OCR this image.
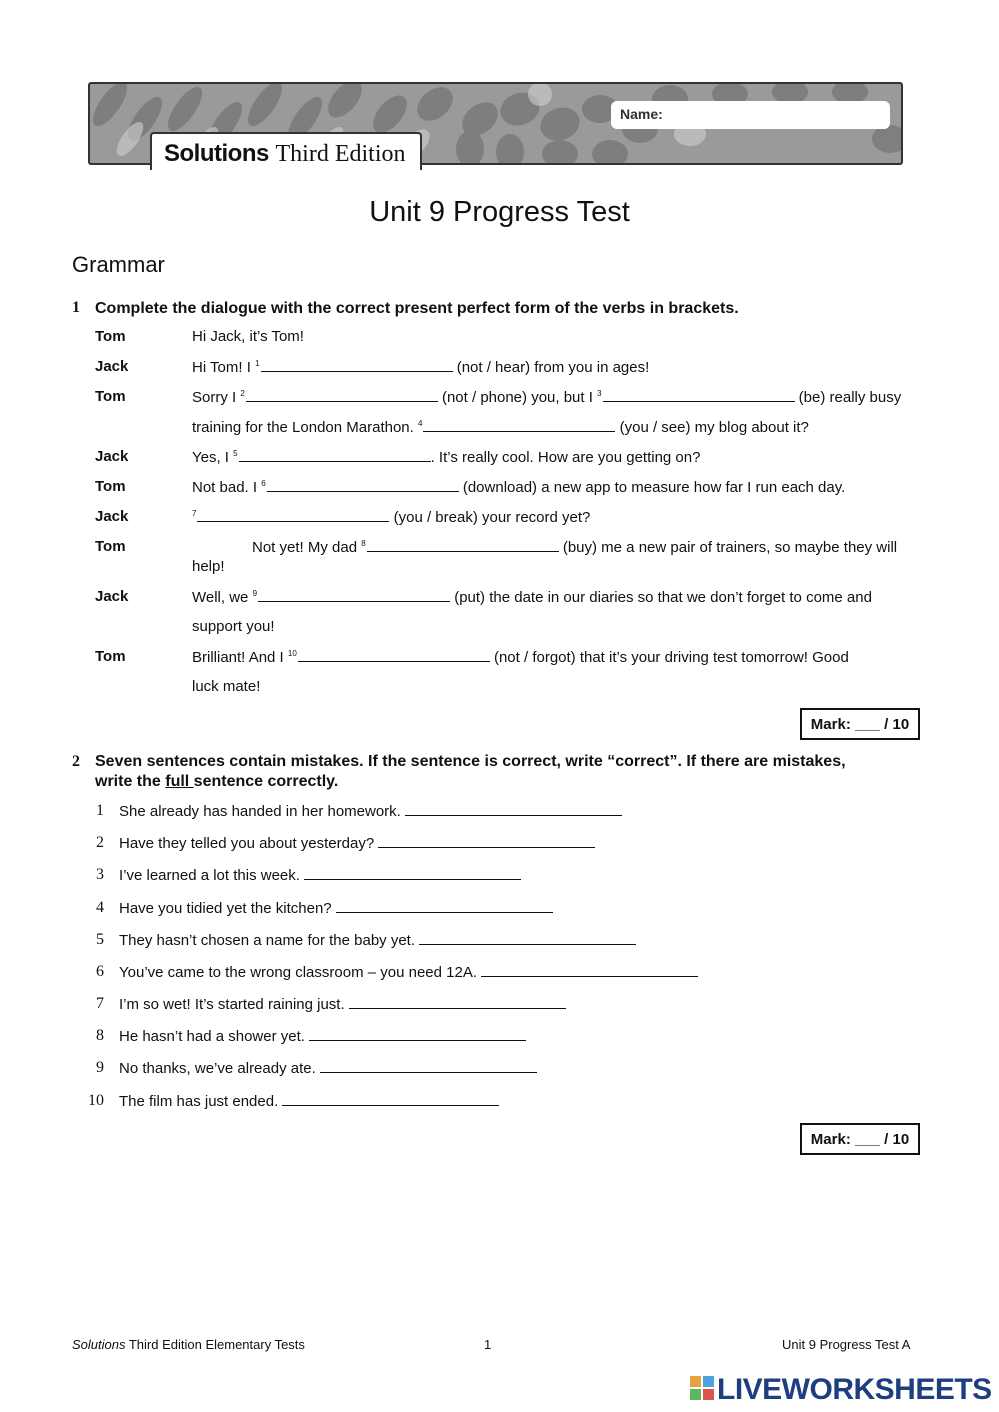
Solutions Third Edition
Name:
Unit 9 Progress Test
Grammar
1 Complete the dialogue with the correct present perfect form of the verbs in brackets.
Tom	Hi Jack, it’s Tom!
Jack	Hi Tom! I $^1$	(not / hear) from you in ages!
Tom	Sorry I $^2$	(not / phone) you, but I $^3$	(be) really busy
training for the London Marathon. $^4$	(you / see) my blog about it?
Jack	Yes, I $^5$	. It’s really cool. How are you getting on?
Tom	Not bad. I $^6$	(download) a new app to measure how far I run each day.
Jack	$^7$	(you / break) your record yet?
Tom	Not yet! My dad $^8$	(buy) me a new pair of trainers, so maybe they will
help!
Jack	Well, we $^9$	(put) the date in our diaries so that we don’t forget to come and
support you!
Tom	Brilliant! And I $^{10}$	(not / forgot) that it’s your driving test tomorrow! Good
luck mate!
Mark: ___ / 10
2 Seven sentences contain mistakes. If the sentence is correct, write “correct”. If there are mistakes,
write the full sentence correctly.
1 She already has handed in her homework.
2 Have they telled you about yesterday?
3 I’ve learned a lot this week.
4 Have you tidied yet the kitchen?
5 They hasn’t chosen a name for the baby yet.
6 You’ve came to the wrong classroom – you need 12A.
7 I’m so wet! It’s started raining just.
8 He hasn’t had a shower yet.
9 No thanks, we’ve already ate.
10 The film has just ended.
Mark: ___ / 10
Solutions Third Edition Elementary Tests	1	Unit 9 Progress Test A
LIVEWORKSHEETS
